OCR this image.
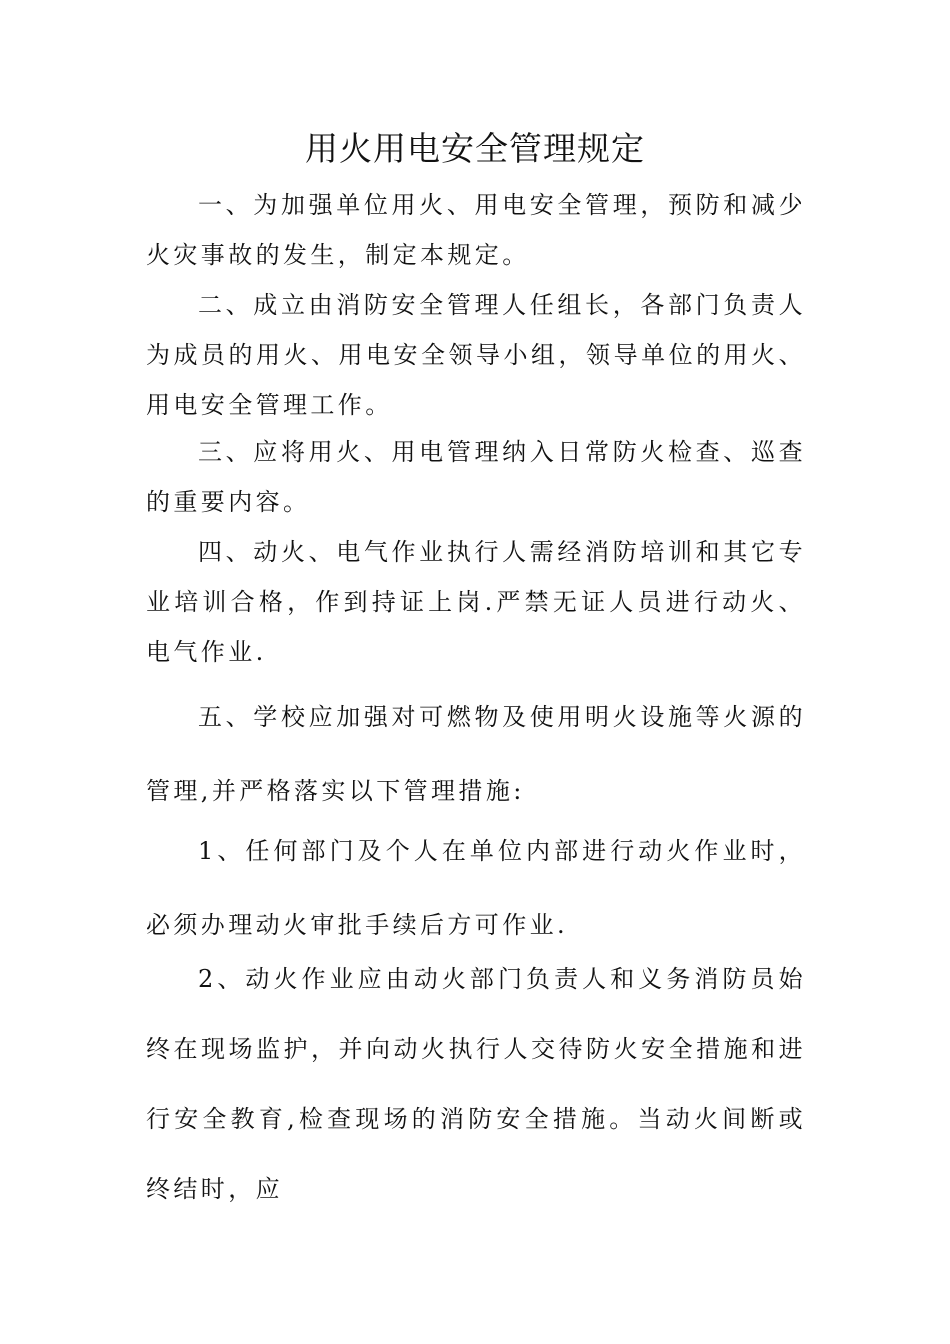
用火用电安全管理规定

一、为加强单位用火、用电安全管理，预防和减少火灾事故的发生，制定本规定。

二、成立由消防安全管理人任组长，各部门负责人为成员的用火、用电安全领导小组，领导单位的用火、用电安全管理工作。

三、应将用火、用电管理纳入日常防火检查、巡查的重要内容。

四、动火、电气作业执行人需经消防培训和其它专业培训合格，作到持证上岗.严禁无证人员进行动火、电气作业.

五、学校应加强对可燃物及使用明火设施等火源的管理,并严格落实以下管理措施:

1、任何部门及个人在单位内部进行动火作业时，必须办理动火审批手续后方可作业.

2、动火作业应由动火部门负责人和义务消防员始终在现场监护，并向动火执行人交待防火安全措施和进行安全教育,检查现场的消防安全措施。当动火间断或终结时，应
